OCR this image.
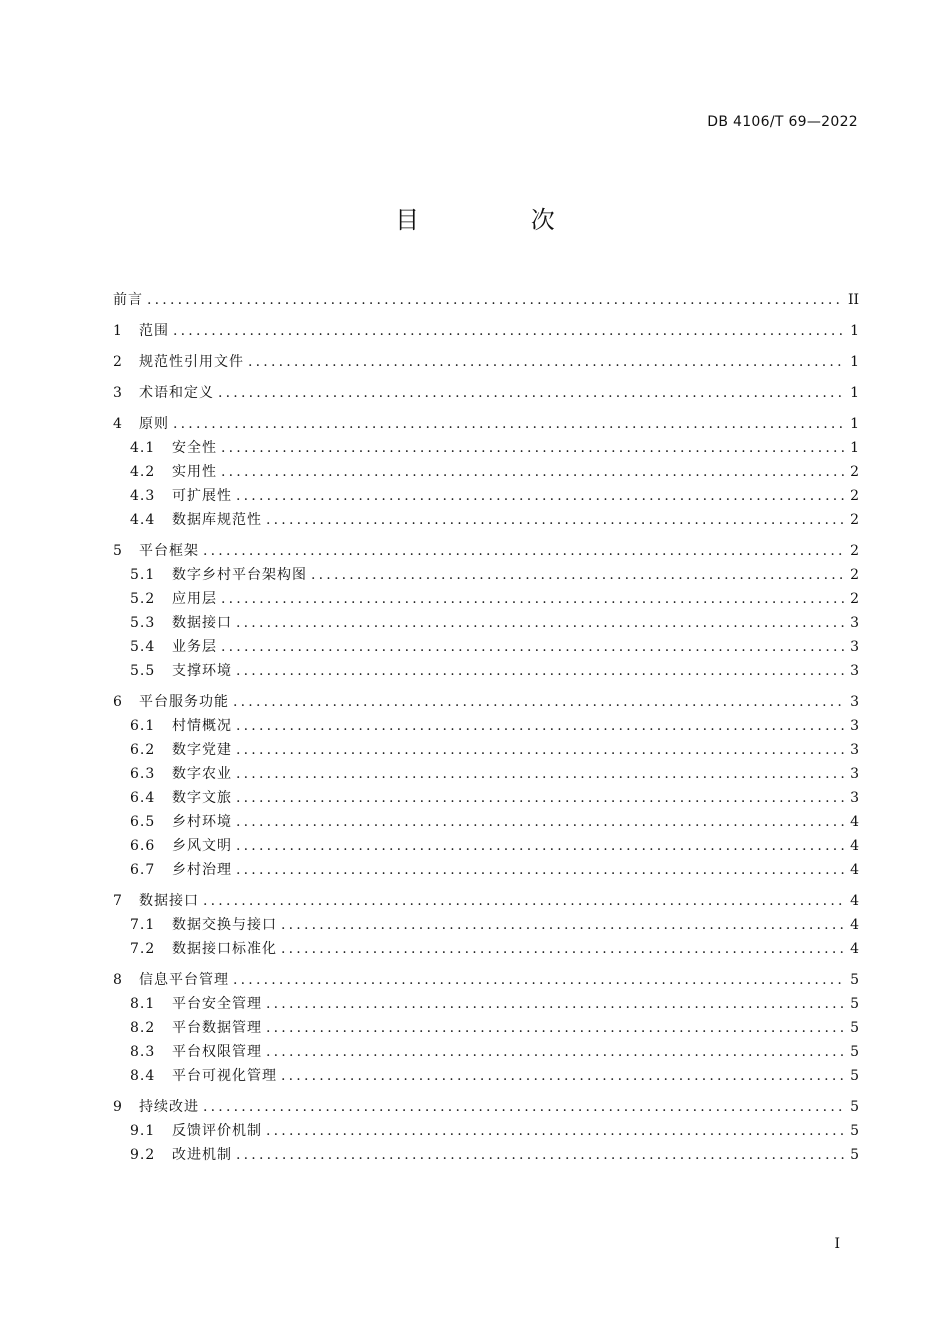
DB 4106/T 69—2022
目 次
前言 .....	II
1	范围 .....	1
2	规范性引用文件 .....	1
3	术语和定义 .....	1
4	原则 .....	1
4.1	安全性 .....	1
4.2	实用性 .....	2
4.3	可扩展性 .....	2
4.4	数据库规范性 .....	2
5	平台框架 .....	2
5.1	数字乡村平台架构图 .....	2
5.2	应用层 .....	2
5.3	数据接口 .....	3
5.4	业务层 .....	3
5.5	支撑环境 .....	3
6	平台服务功能 .....	3
6.1	村情概况 .....	3
6.2	数字党建 .....	3
6.3	数字农业 .....	3
6.4	数字文旅 .....	3
6.5	乡村环境 .....	4
6.6	乡风文明 .....	4
6.7	乡村治理 .....	4
7	数据接口 .....	4
7.1	数据交换与接口 .....	4
7.2	数据接口标准化 .....	4
8	信息平台管理 .....	5
8.1	平台安全管理 .....	5
8.2	平台数据管理 .....	5
8.3	平台权限管理 .....	5
8.4	平台可视化管理 .....	5
9	持续改进 .....	5
9.1	反馈评价机制 .....	5
9.2	改进机制 .....	5
I
